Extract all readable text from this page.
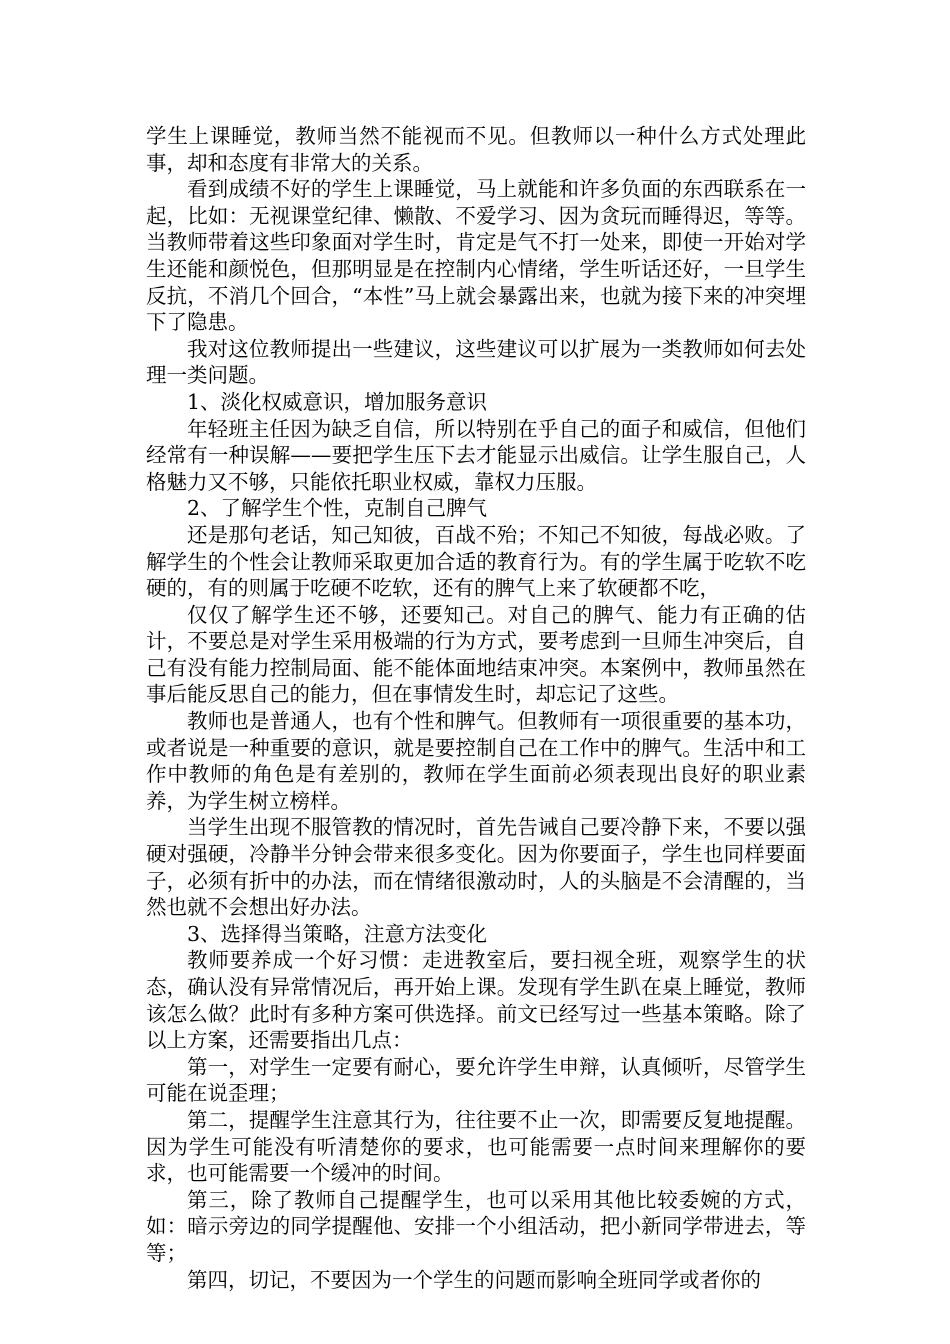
学生上课睡觉，教师当然不能视而不见。但教师以一种什么方式处理此事，却和态度有非常大的关系。

看到成绩不好的学生上课睡觉，马上就能和许多负面的东西联系在一起，比如：无视课堂纪律、懒散、不爱学习、因为贪玩而睡得迟，等等。当教师带着这些印象面对学生时，肯定是气不打一处来，即使一开始对学生还能和颜悦色，但那明显是在控制内心情绪，学生听话还好，一旦学生反抗，不消几个回合，“本性”马上就会暴露出来，也就为接下来的冲突埋下了隐患。

我对这位教师提出一些建议，这些建议可以扩展为一类教师如何去处理一类问题。

1、淡化权威意识，增加服务意识

年轻班主任因为缺乏自信，所以特别在乎自己的面子和威信，但他们经常有一种误解——要把学生压下去才能显示出威信。让学生服自己，人格魅力又不够，只能依托职业权威，靠权力压服。

2、了解学生个性，克制自己脾气

还是那句老话，知己知彼，百战不殆；不知己不知彼，每战必败。了解学生的个性会让教师采取更加合适的教育行为。有的学生属于吃软不吃硬的，有的则属于吃硬不吃软，还有的脾气上来了软硬都不吃，

仅仅了解学生还不够，还要知己。对自己的脾气、能力有正确的估计，不要总是对学生采用极端的行为方式，要考虑到一旦师生冲突后，自己有没有能力控制局面、能不能体面地结束冲突。本案例中，教师虽然在事后能反思自己的能力，但在事情发生时，却忘记了这些。

教师也是普通人，也有个性和脾气。但教师有一项很重要的基本功，或者说是一种重要的意识，就是要控制自己在工作中的脾气。生活中和工作中教师的角色是有差别的，教师在学生面前必须表现出良好的职业素养，为学生树立榜样。

当学生出现不服管教的情况时，首先告诫自己要冷静下来，不要以强硬对强硬，冷静半分钟会带来很多变化。因为你要面子，学生也同样要面子，必须有折中的办法，而在情绪很激动时，人的头脑是不会清醒的，当然也就不会想出好办法。

3、选择得当策略，注意方法变化

教师要养成一个好习惯：走进教室后，要扫视全班，观察学生的状态，确认没有异常情况后，再开始上课。发现有学生趴在桌上睡觉，教师该怎么做？此时有多种方案可供选择。前文已经写过一些基本策略。除了以上方案，还需要指出几点：

第一，对学生一定要有耐心，要允许学生申辩，认真倾听，尽管学生可能在说歪理；

第二，提醒学生注意其行为，往往要不止一次，即需要反复地提醒。因为学生可能没有听清楚你的要求，也可能需要一点时间来理解你的要求，也可能需要一个缓冲的时间。

第三，除了教师自己提醒学生，也可以采用其他比较委婉的方式，如：暗示旁边的同学提醒他、安排一个小组活动，把小新同学带进去，等等；

第四，切记，不要因为一个学生的问题而影响全班同学或者你的
